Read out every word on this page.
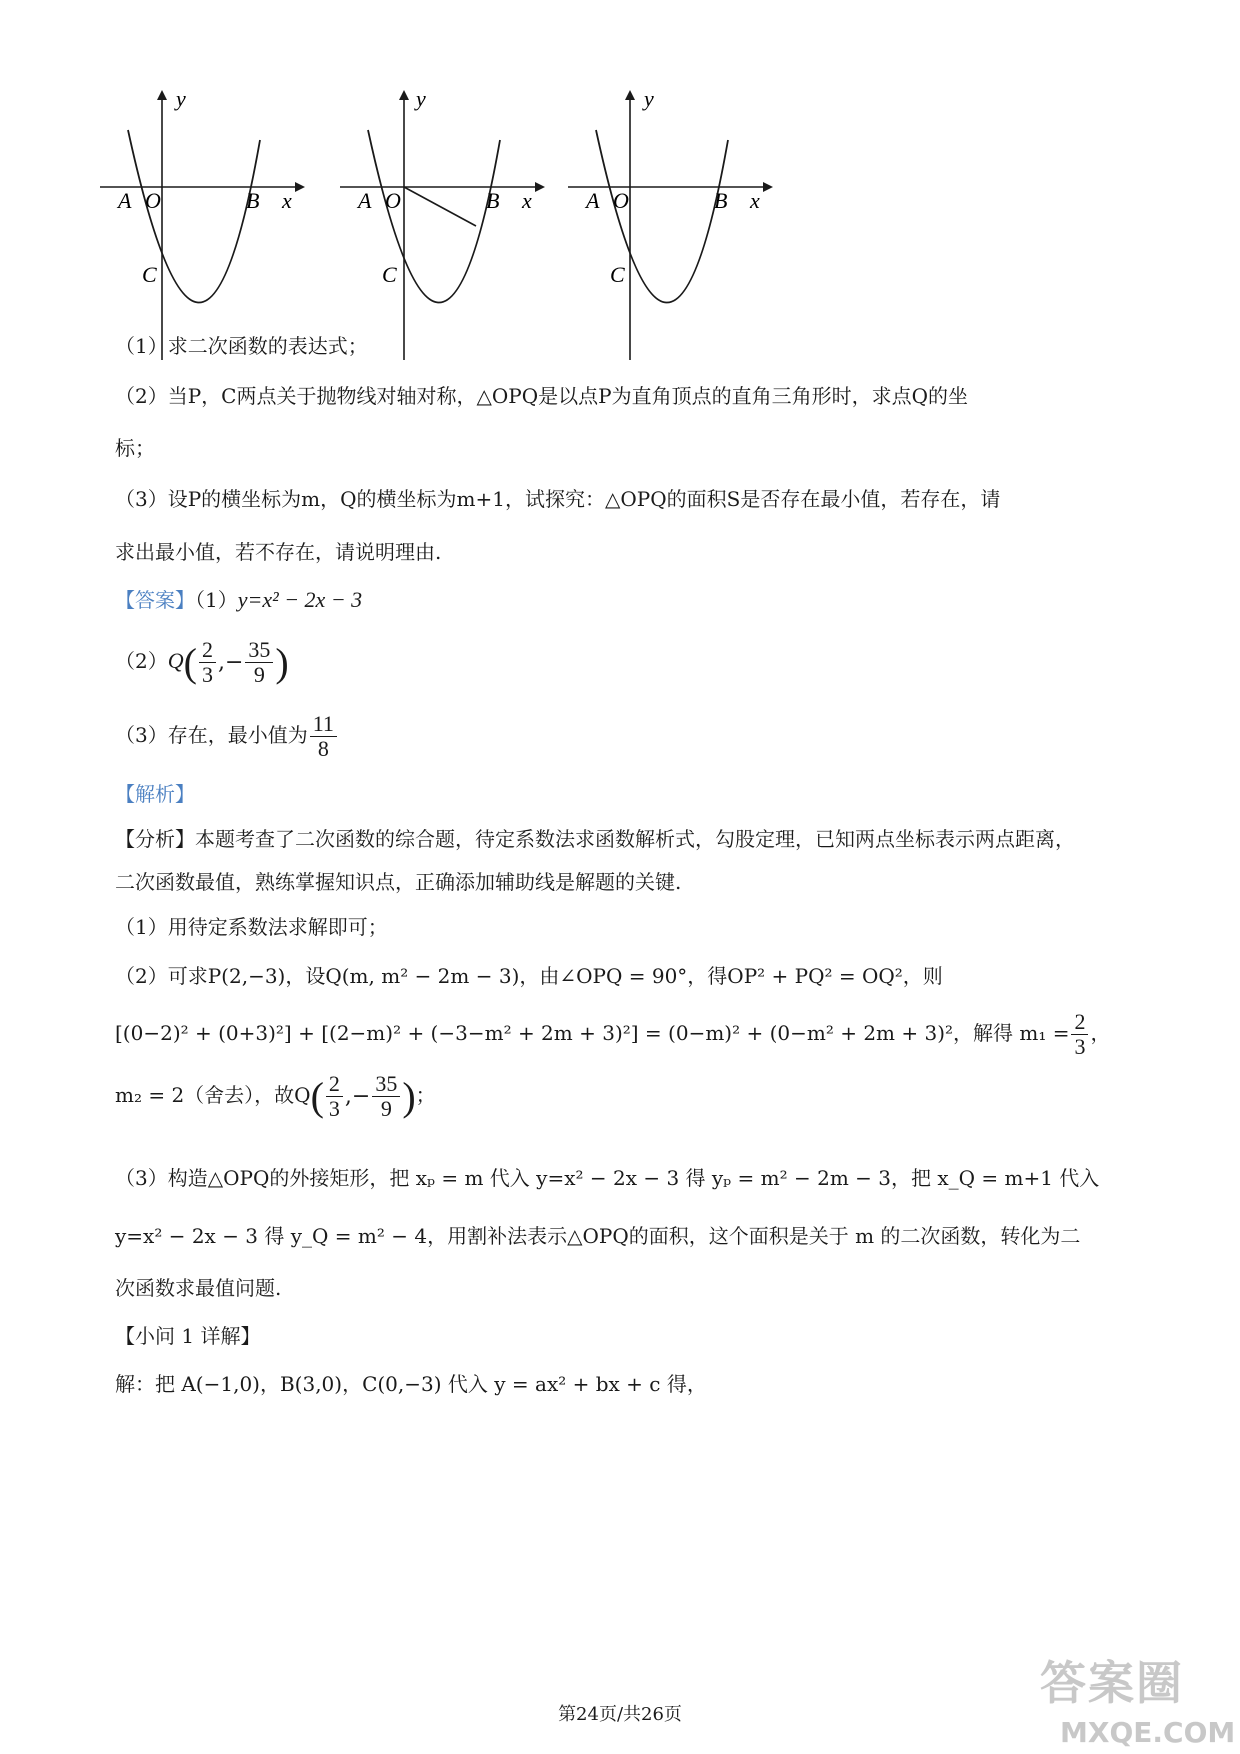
y
x
A O	B
C
y
x
A O	B
C
y
x
A O	B
C
（1）求二次函数的表达式；
（2）当P，C两点关于抛物线对轴对称，△OPQ是以点P为直角顶点的直角三角形时，求点Q的坐
标；
（3）设P的横坐标为m，Q的横坐标为m+1，试探究：△OPQ的面积S是否存在最小值，若存在，请
求出最小值，若不存在，请说明理由.
【答案】（1）y=x² − 2x − 3
$(2)Q( \frac{2}{3}$ ,− $\frac{35}{9}$ )
（3）存在，最小值为 $\frac{11}{8}$
【解析】
【分析】本题考查了二次函数的综合题，待定系数法求函数解析式，勾股定理，已知两点坐标表示两点距离，
二次函数最值，熟练掌握知识点，正确添加辅助线是解题的关键.
（1）用待定系数法求解即可；
（2）可求P(2,−3)，设Q(m, m² − 2m − 3)，由∠OPQ = 90°，得OP² + PQ² = OQ²，则
[(0−2)² + (0+3)²] + [(2−m)² + (−3−m² + 2m + 3)²] = (0−m)² + (0−m² + 2m + 3)²，解得 $m_1 = \frac{2}{3}$ ，
m₂ = 2（舍去），故$Q( \frac{2}{3}$ ,− $\frac{35}{9}$ )；
（3）构造△OPQ的外接矩形，把 xₚ = m 代入 y=x² − 2x − 3 得 yₚ = m² − 2m − 3，把 x_Q = m+1 代入
y=x² − 2x − 3 得 y_Q = m² − 4，用割补法表示△OPQ的面积，这个面积是关于 m 的二次函数，转化为二
次函数求最值问题.
【小问 1 详解】
解：把 A(−1,0)，B(3,0)，C(0,−3) 代入 y = ax² + bx + c 得，
第24页/共26页
答案圈
MXQE.COM
